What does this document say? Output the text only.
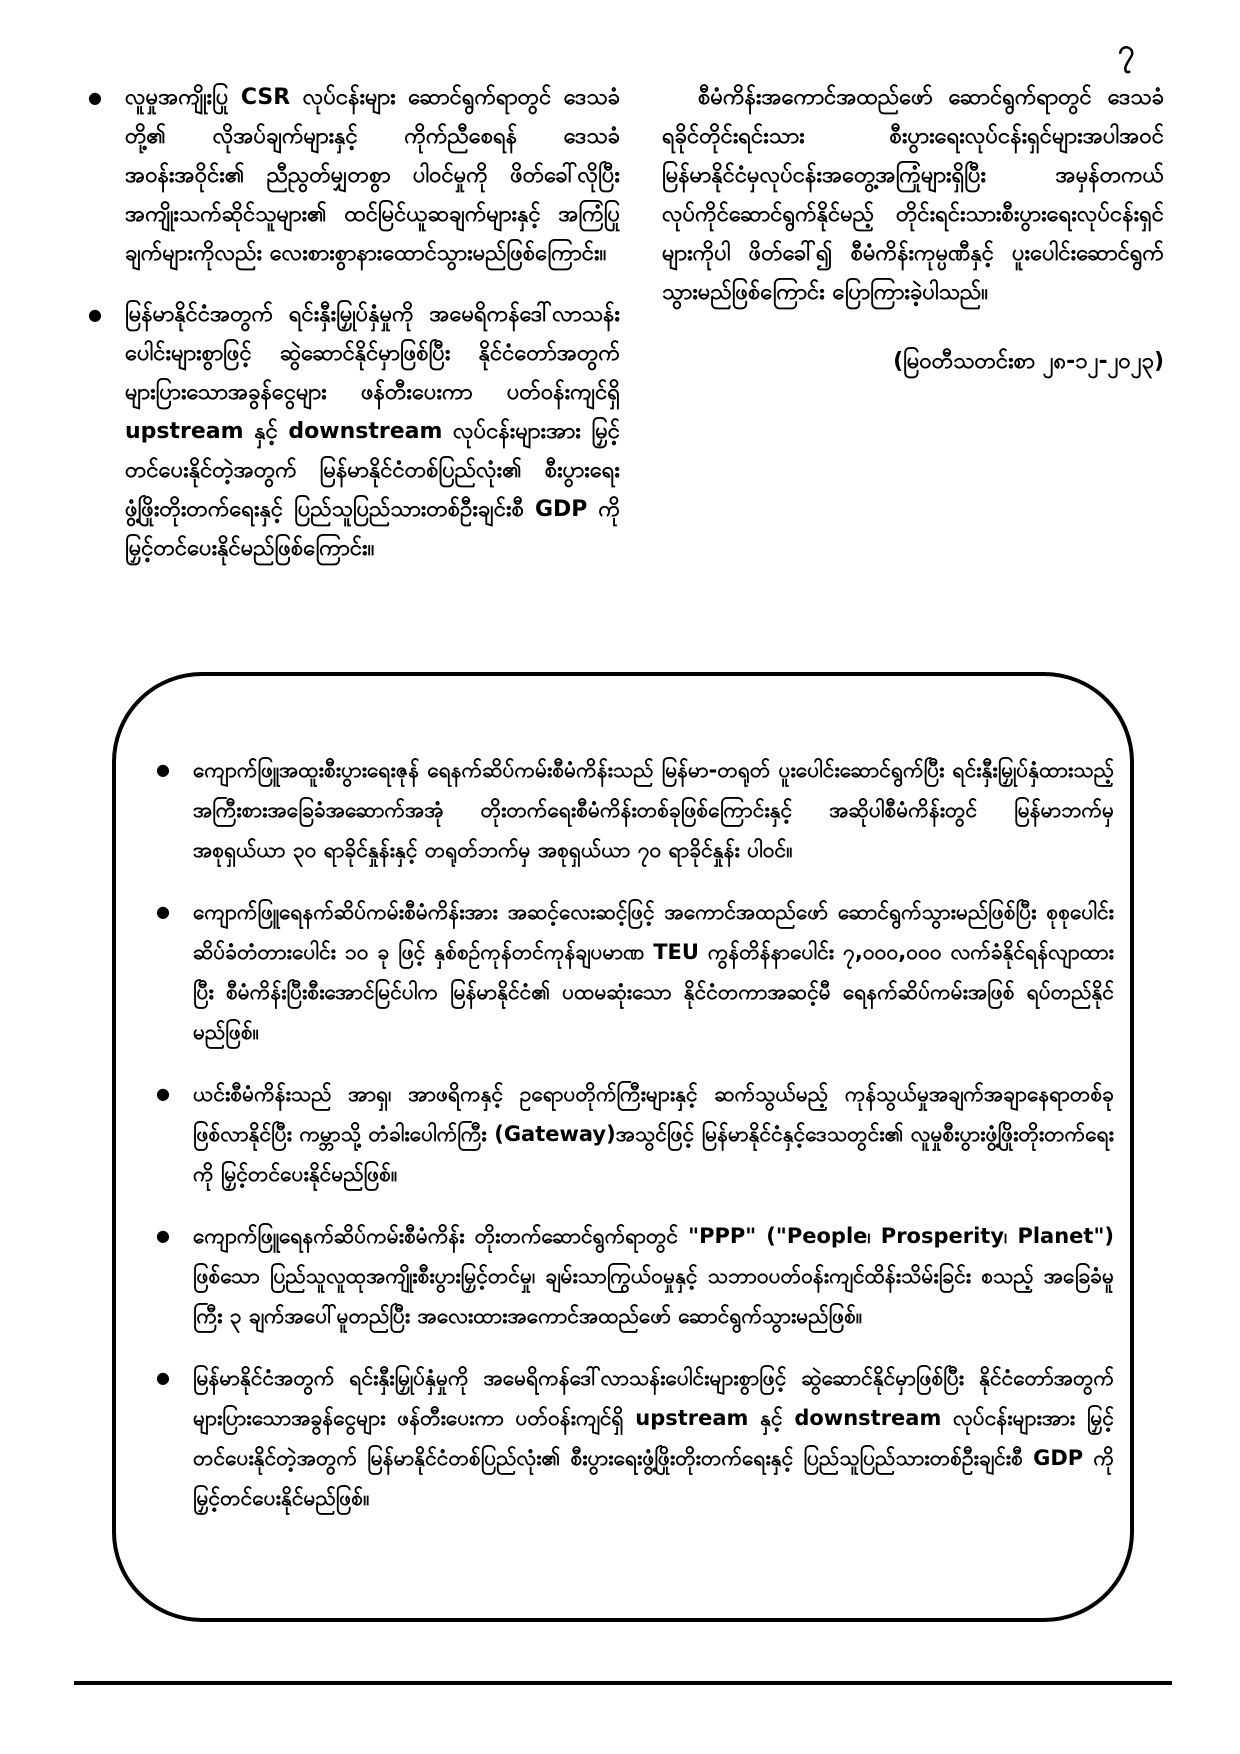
၇
● လူမှုအကျိုးပြု CSR လုပ်ငန်းများ ဆောင်ရွက်ရာတွင် ဒေသခံတို့၏ လိုအပ်ချက်များနှင့် ကိုက်ညီစေရန် ဒေသခံအဝန်းအဝိုင်း၏ ညီညွတ်မျှတစွာ ပါဝင်မှုကို ဖိတ်ခေါ်လိုပြီး အကျိုးသက်ဆိုင်သူများ၏ ထင်မြင်ယူဆချက်များနှင့် အကြံပြုချက်များကိုလည်း လေးစားစွာနားထောင်သွားမည်ဖြစ်ကြောင်း။
● မြန်မာနိုင်ငံအတွက် ရင်းနှီးမြှုပ်နှံမှုကို အမေရိကန်ဒေါ်လာသန်းပေါင်းများစွာဖြင့် ဆွဲဆောင်နိုင်မှာဖြစ်ပြီး နိုင်ငံတော်အတွက် များပြားသောအခွန်ငွေများ ဖန်တီးပေးကာ ပတ်ဝန်းကျင်ရှိ upstream နှင့် downstream လုပ်ငန်းများအား မြှင့်တင်ပေးနိုင်တဲ့အတွက် မြန်မာနိုင်ငံတစ်ပြည်လုံး၏ စီးပွားရေးဖွံ့ဖြိုးတိုးတက်ရေးနှင့် ပြည်သူပြည်သားတစ်ဦးချင်းစီ GDP ကို မြှင့်တင်ပေးနိုင်မည်ဖြစ်ကြောင်း။

စီမံကိန်းအကောင်အထည်ဖော် ဆောင်ရွက်ရာတွင် ဒေသခံရခိုင်တိုင်းရင်းသား စီးပွားရေးလုပ်ငန်းရှင်များအပါအဝင် မြန်မာနိုင်ငံမှလုပ်ငန်းအတွေ့အကြုံများရှိပြီး အမှန်တကယ်လုပ်ကိုင်ဆောင်ရွက်နိုင်မည့် တိုင်းရင်းသားစီးပွားရေးလုပ်ငန်းရှင်များကိုပါ ဖိတ်ခေါ်၍ စီမံကိန်းကုမ္ပဏီနှင့် ပူးပေါင်းဆောင်ရွက်သွားမည်ဖြစ်ကြောင်း ပြောကြားခဲ့ပါသည်။

(မြဝတီသတင်းစာ ၂၈-၁၂-၂၀၂၃)
● ကျောက်ဖြူအထူးစီးပွားရေးဇုန် ရေနက်ဆိပ်ကမ်းစီမံကိန်းသည် မြန်မာ-တရုတ် ပူးပေါင်းဆောင်ရွက်ပြီး ရင်းနှီးမြှုပ်နှံထားသည့် အကြီးစားအခြေခံအဆောက်အအုံ တိုးတက်ရေးစီမံကိန်းတစ်ခုဖြစ်ကြောင်းနှင့် အဆိုပါစီမံကိန်းတွင် မြန်မာဘက်မှ အစုရှယ်ယာ ၃၀ ရာခိုင်နှုန်းနှင့် တရုတ်ဘက်မှ အစုရှယ်ယာ ၇၀ ရာခိုင်နှုန်း ပါဝင်။
● ကျောက်ဖြူရေနက်ဆိပ်ကမ်းစီမံကိန်းအား အဆင့်လေးဆင့်ဖြင့် အကောင်အထည်ဖော် ဆောင်ရွက်သွားမည်ဖြစ်ပြီး စုစုပေါင်း ဆိပ်ခံတံတားပေါင်း ၁၀ ခု ဖြင့် နှစ်စဉ်ကုန်တင်ကုန်ချပမာဏ TEU ကွန်တိန်နာပေါင်း ၇,၀၀၀,၀၀၀ လက်ခံနိုင်ရန်လျာထားပြီး စီမံကိန်းပြီးစီးအောင်မြင်ပါက မြန်မာနိုင်ငံ၏ ပထမဆုံးသော နိုင်ငံတကာအဆင့်မီ ရေနက်ဆိပ်ကမ်းအဖြစ် ရပ်တည်နိုင်မည်ဖြစ်။
● ယင်းစီမံကိန်းသည် အာရှ၊ အာဖရိကနှင့် ဥရောပတိုက်ကြီးများနှင့် ဆက်သွယ်မည့် ကုန်သွယ်မှုအချက်အချာနေရာတစ်ခုဖြစ်လာနိုင်ပြီး ကမ္ဘာသို့ တံခါးပေါက်ကြီး (Gateway)အသွင်ဖြင့် မြန်မာနိုင်ငံနှင့်ဒေသတွင်း၏ လူမှုစီးပွားဖွံ့ဖြိုးတိုးတက်ရေးကို မြှင့်တင်ပေးနိုင်မည်ဖြစ်။
● ကျောက်ဖြူရေနက်ဆိပ်ကမ်းစီမံကိန်း တိုးတက်ဆောင်ရွက်ရာတွင် "PPP" ("People၊ Prosperity၊ Planet") ဖြစ်သော ပြည်သူလူထုအကျိုးစီးပွားမြှင့်တင်မှု၊ ချမ်းသာကြွယ်ဝမှုနှင့် သဘာဝပတ်ဝန်းကျင်ထိန်းသိမ်းခြင်း စသည့် အခြေခံမူကြီး ၃ ချက်အပေါ်မူတည်ပြီး အလေးထားအကောင်အထည်ဖော် ဆောင်ရွက်သွားမည်ဖြစ်။
● မြန်မာနိုင်ငံအတွက် ရင်းနှီးမြှုပ်နှံမှုကို အမေရိကန်ဒေါ်လာသန်းပေါင်းများစွာဖြင့် ဆွဲဆောင်နိုင်မှာဖြစ်ပြီး နိုင်ငံတော်အတွက် များပြားသောအခွန်ငွေများ ဖန်တီးပေးကာ ပတ်ဝန်းကျင်ရှိ upstream နှင့် downstream လုပ်ငန်းများအား မြှင့်တင်ပေးနိုင်တဲ့အတွက် မြန်မာနိုင်ငံတစ်ပြည်လုံး၏ စီးပွားရေးဖွံ့ဖြိုးတိုးတက်ရေးနှင့် ပြည်သူပြည်သားတစ်ဦးချင်းစီ GDP ကို မြှင့်တင်ပေးနိုင်မည်ဖြစ်။
